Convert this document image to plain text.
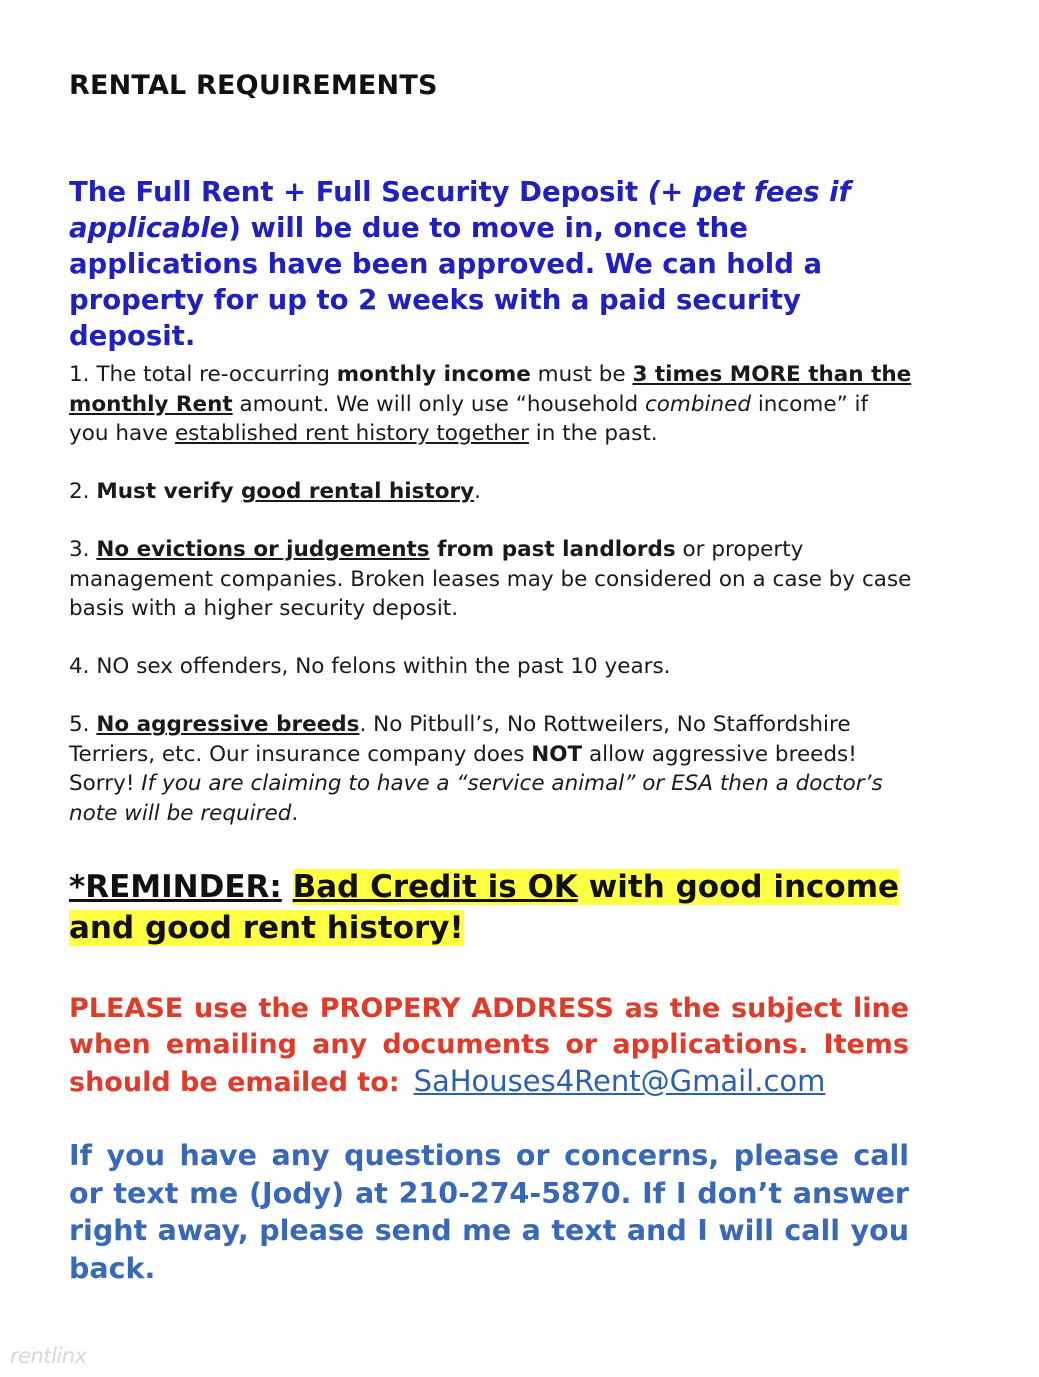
RENTAL REQUIREMENTS
The Full Rent + Full Security Deposit (+ pet fees if applicable) will be due to move in, once the applications have been approved. We can hold a property for up to 2 weeks with a paid security deposit.
1. The total re-occurring monthly income must be 3 times MORE than the monthly Rent amount. We will only use “household combined income” if you have established rent history together in the past.
2. Must verify good rental history.
3. No evictions or judgements from past landlords or property management companies. Broken leases may be considered on a case by case basis with a higher security deposit.
4. NO sex offenders, No felons within the past 10 years.
5. No aggressive breeds. No Pitbull’s, No Rottweilers, No Staffordshire Terriers, etc. Our insurance company does NOT allow aggressive breeds! Sorry! If you are claiming to have a “service animal” or ESA then a doctor’s note will be required.
*REMINDER: Bad Credit is OK with good income and good rent history!
PLEASE use the PROPERY ADDRESS as the subject line when emailing any documents or applications. Items should be emailed to: SaHouses4Rent@Gmail.com
If you have any questions or concerns, please call or text me (Jody) at 210-274-5870. If I don’t answer right away, please send me a text and I will call you back.
rentlinx
